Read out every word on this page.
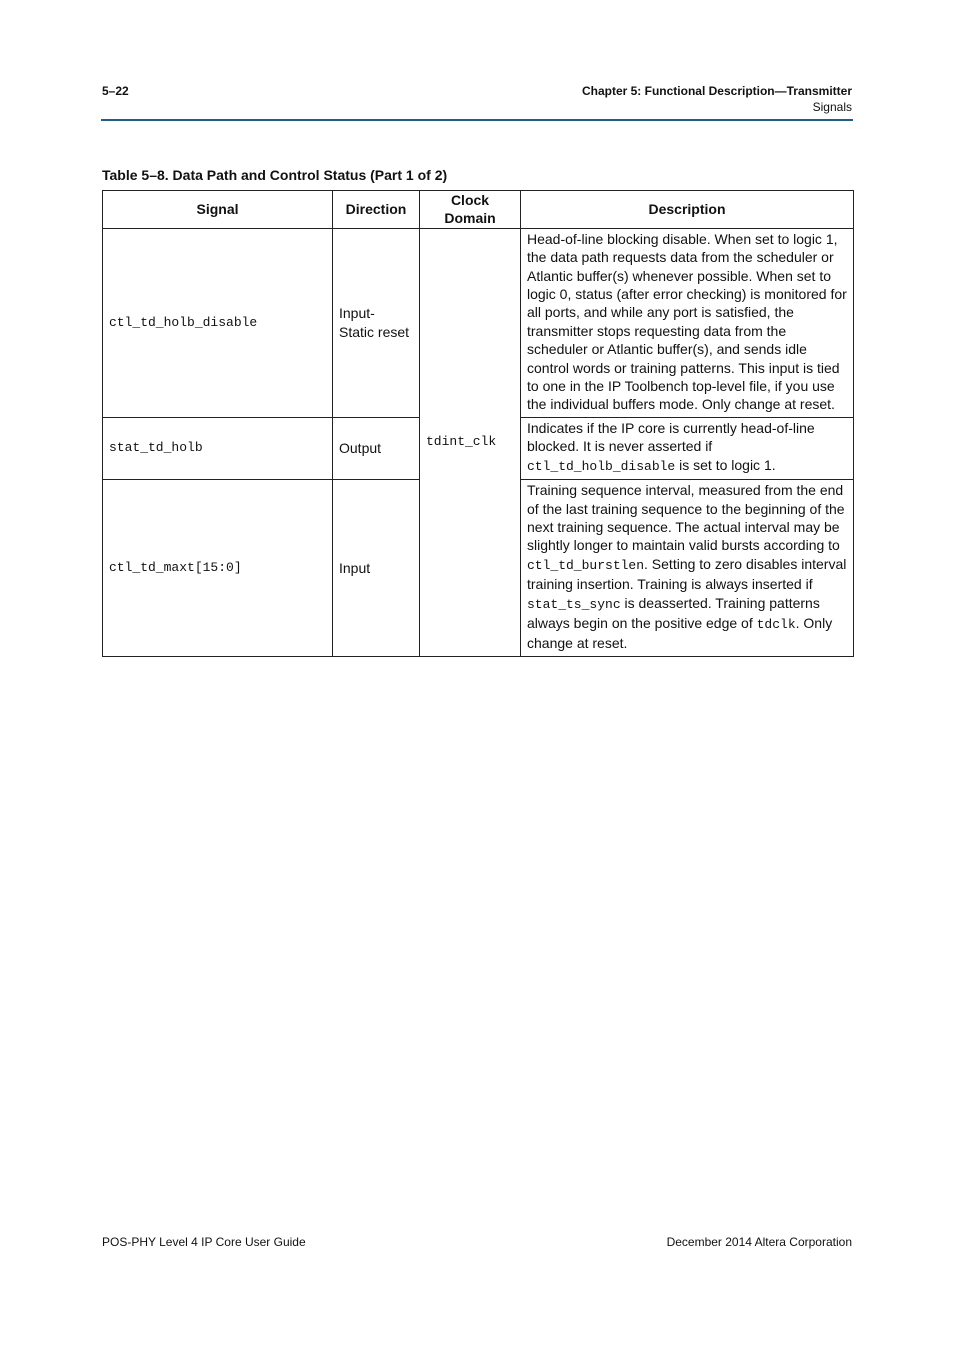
5–22	Chapter 5: Functional Description—Transmitter
Signals
Table 5–8. Data Path and Control Status (Part 1 of 2)
Signal	Direction	Clock Domain	Description
ctl_td_holb_disable	Input- Static reset	tdint_clk	Head-of-line blocking disable. When set to logic 1, the data path requests data from the scheduler or Atlantic buffer(s) whenever possible. When set to logic 0, status (after error checking) is monitored for all ports, and while any port is satisfied, the transmitter stops requesting data from the scheduler or Atlantic buffer(s), and sends idle control words or training patterns. This input is tied to one in the IP Toolbench top-level file, if you use the individual buffers mode. Only change at reset.
stat_td_holb	Output		Indicates if the IP core is currently head-of-line blocked. It is never asserted if ctl_td_holb_disable is set to logic 1.
ctl_td_maxt[15:0]	Input		Training sequence interval, measured from the end of the last training sequence to the beginning of the next training sequence. The actual interval may be slightly longer to maintain valid bursts according to ctl_td_burstlen. Setting to zero disables interval training insertion. Training is always inserted if stat_ts_sync is deasserted. Training patterns always begin on the positive edge of tdclk. Only change at reset.
POS-PHY Level 4 IP Core User Guide	December 2014 Altera Corporation
